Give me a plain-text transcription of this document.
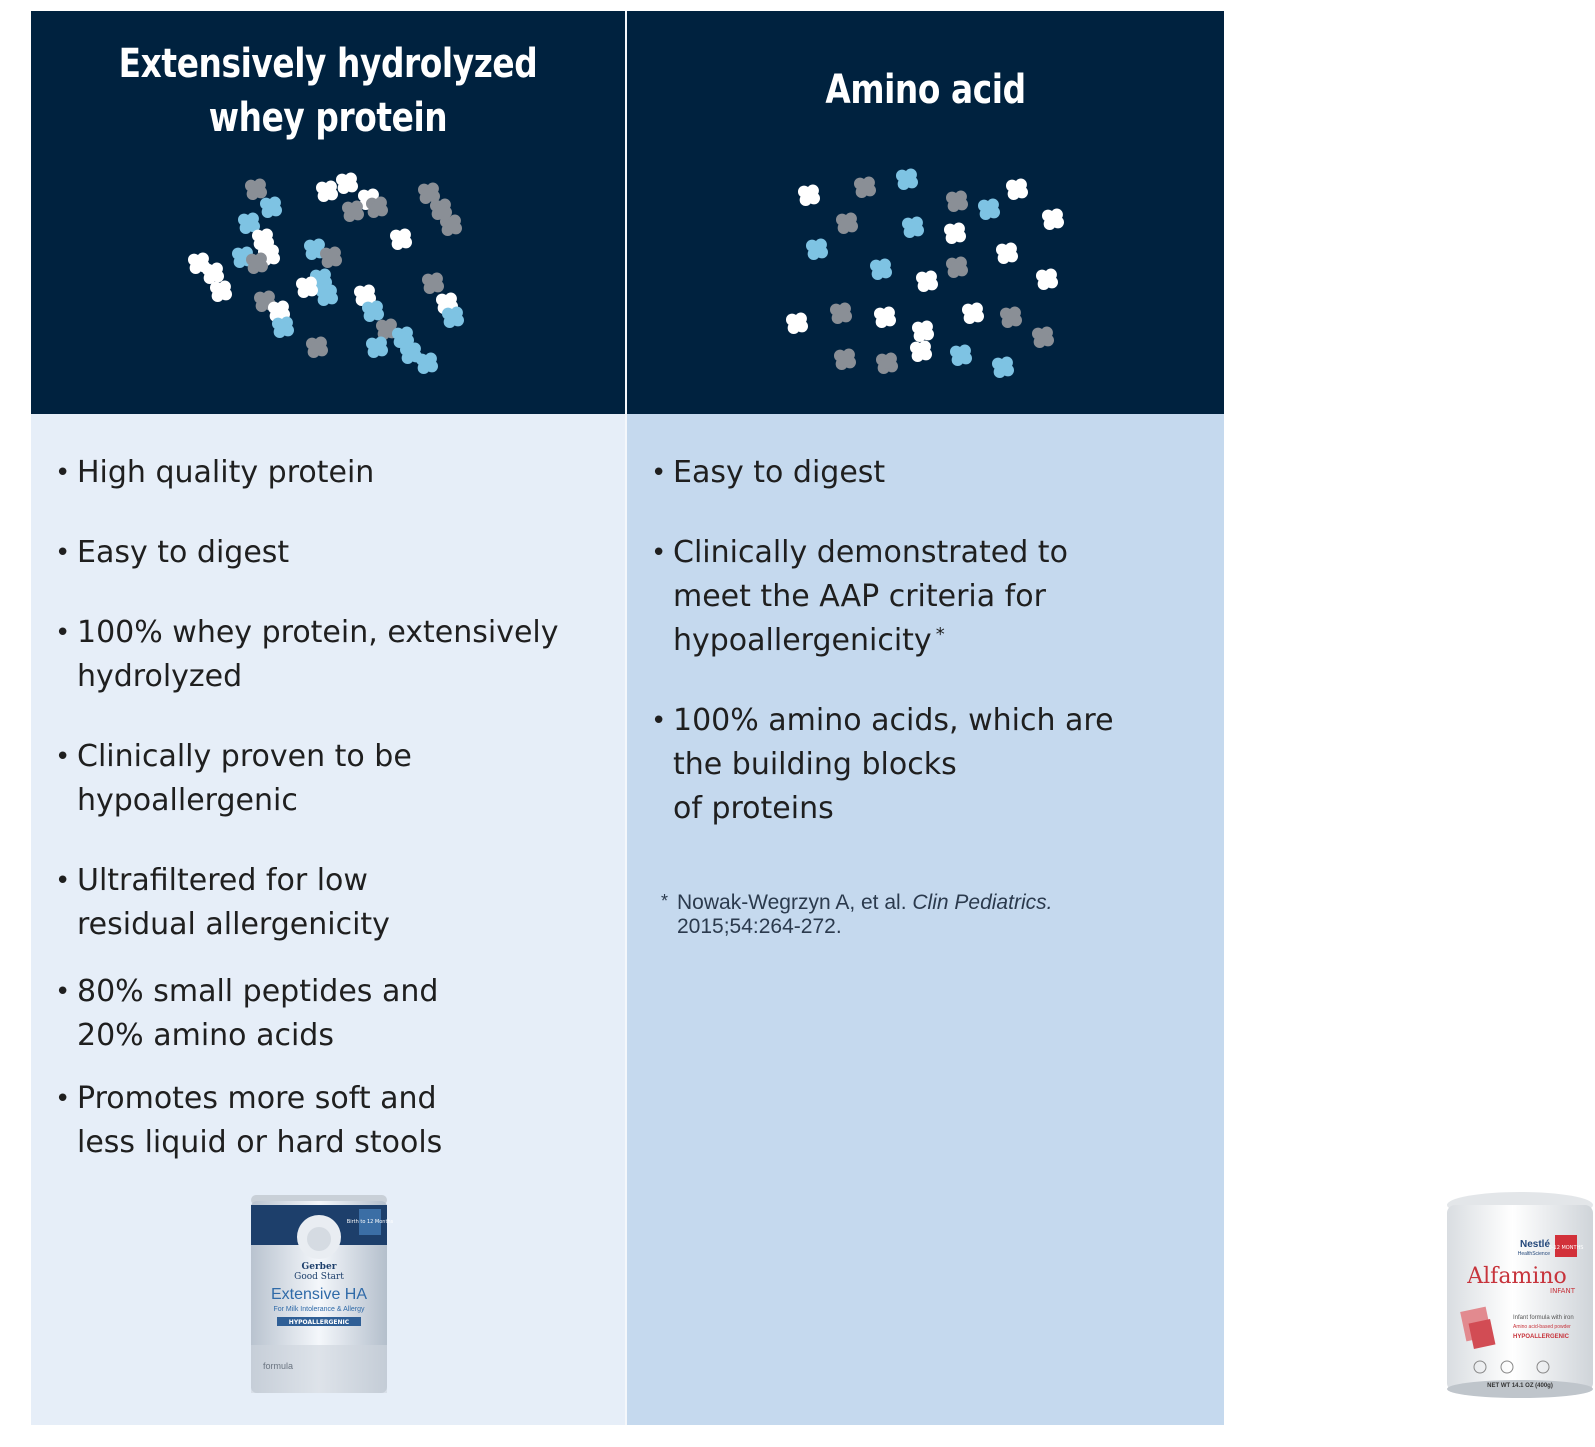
Extensively hydrolyzed
whey protein
• High quality protein
• Easy to digest
• 100% whey protein, extensively
hydrolyzed
• Clinically proven to be
hypoallergenic
• Ultrafiltered for low
residual allergenicity
• 80% small peptides and
20% amino acids
• Promotes more soft and
less liquid or hard stools
Birth to 12 Months
Gerber
Good Start
Extensive HA
For Milk Intolerance & Allergy
HYPOALLERGENIC
formula
Amino acid
• Easy to digest
• Clinically demonstrated to
meet the AAP criteria for
hypoallergenicity *
• 100% amino acids, which are
the building blocks
of proteins
* Nowak-Wegrzyn A, et al. Clin Pediatrics.
2015;54:264-272.
Nestlé
HealthScience
0-12 MONTHS
Alfamino
INFANT
Infant formula with iron
Amino acid-based powder
HYPOALLERGENIC
NET WT 14.1 OZ (400g)
